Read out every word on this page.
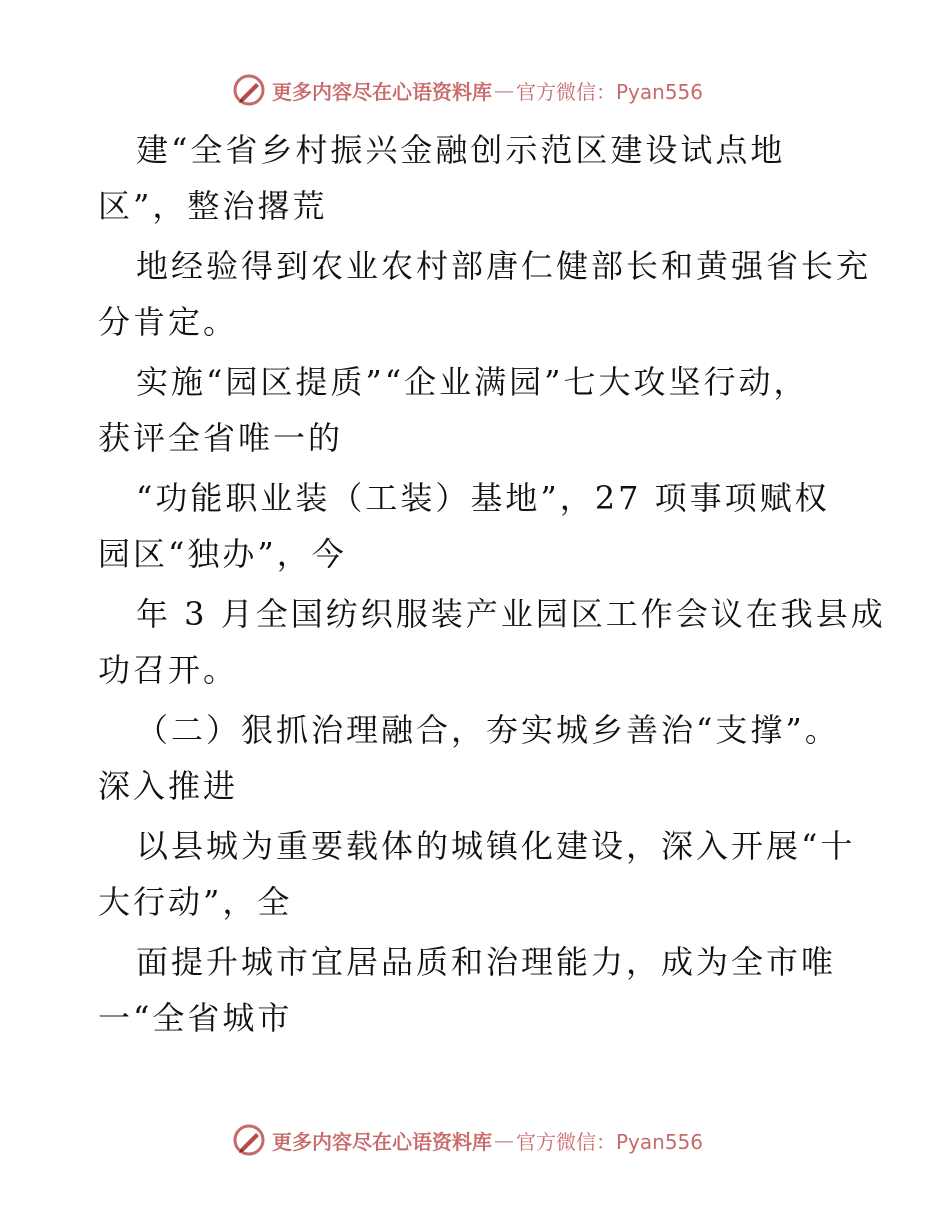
更多内容尽在心语资料库 — 官方微信：Pyan556
建“全省乡村振兴金融创示范区建设试点地
区”，整治撂荒
地经验得到农业农村部唐仁健部长和黄强省长充
分肯定。
实施“园区提质”“企业满园”七大攻坚行动，
获评全省唯一的
“功能职业装（工装）基地”，27 项事项赋权
园区“独办”，今
年 3 月全国纺织服装产业园区工作会议在我县成
功召开。
（二）狠抓治理融合，夯实城乡善治“支撑”。
深入推进
以县城为重要载体的城镇化建设，深入开展“十
大行动”，全
面提升城市宜居品质和治理能力，成为全市唯
一“全省城市
更多内容尽在心语资料库 — 官方微信：Pyan556
